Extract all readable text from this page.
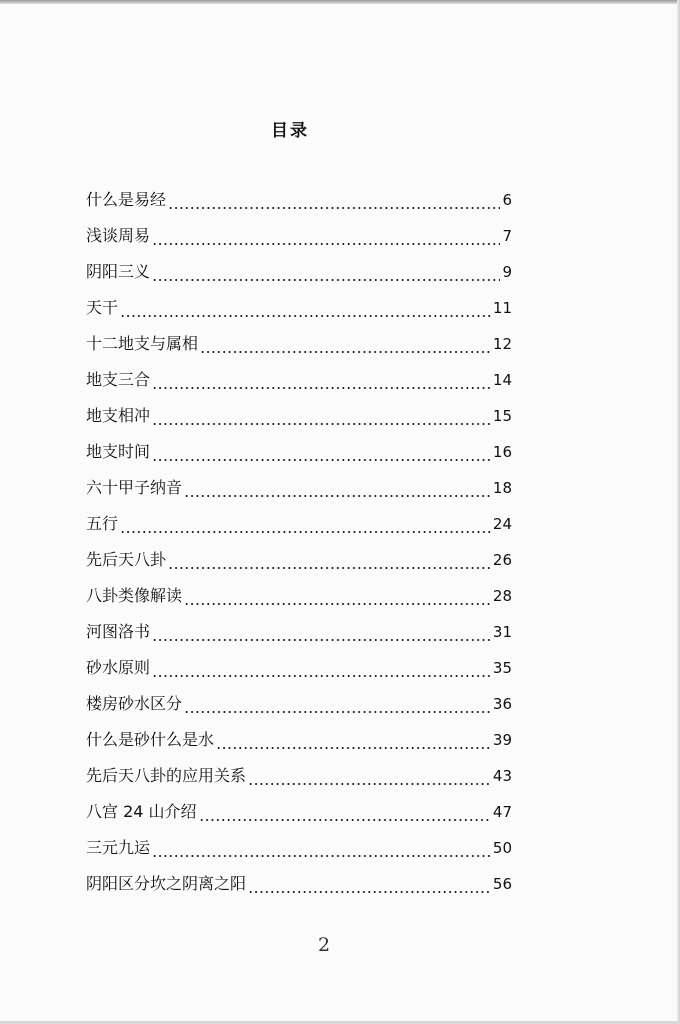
目录
什么是易经	6
浅谈周易	7
阴阳三义	9
天干	11
十二地支与属相	12
地支三合	14
地支相冲	15
地支时间	16
六十甲子纳音	18
五行	24
先后天八卦	26
八卦类像解读	28
河图洛书	31
砂水原则	35
楼房砂水区分	36
什么是砂什么是水	39
先后天八卦的应用关系	43
八宫 24 山介绍	47
三元九运	50
阴阳区分坎之阴离之阳	56
2
